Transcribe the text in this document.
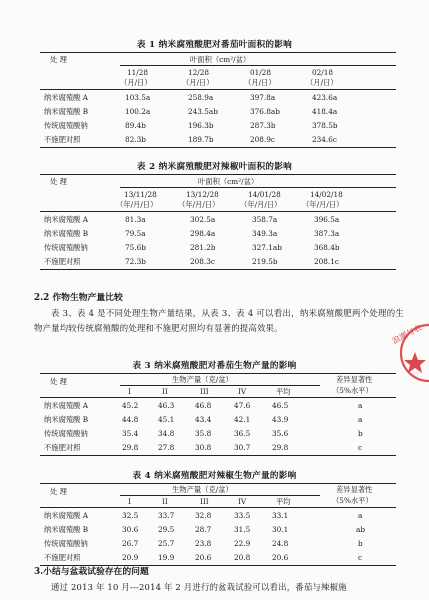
表 1 纳米腐殖酸肥对番茄叶面积的影响
处 理	叶面积（cm²/盆）
11/28	12/28	01/28	02/18
（月/日）	（月/日）	（月/日）	（月/日）
纳米腐殖酸 A	103.5a	258.9a	397.8a	423.6a
纳米腐殖酸 B	100.2a	243.5ab	376.8ab	418.4a
传统腐殖酸钠	89.4b	196.3b	287.3b	378.5b
不施肥对照	82.3b	189.7b	208.9c	234.6c
表 2 纳米腐殖酸肥对辣椒叶面积的影响
处 理	叶面积（cm²/盆）
13/11/28	13/12/28	14/01/28	14/02/18
（年/月/日）	（年/月/日）	（年/月/日）	（年/月/日）
纳米腐殖酸 A	81.3a	302.5a	358.7a	396.5a
纳米腐殖酸 B	79.5a	298.4a	349.3a	387.3a
传统腐殖酸钠	75.6b	281.2b	327.1ab	368.4b
不施肥对照	72.3b	208.3c	219.5b	208.1c
2.2 作物生物产量比较
表 3、表 4 是不同处理生物产量结果，从表 3、表 4 可以看出，纳米腐殖酸肥两个处理的生物产量均较传统腐殖酸的处理和不施肥对照均有显著的提高效果。
表 3 纳米腐殖酸肥对番茄生物产量的影响
处 理	生物产量（克/盆）	差异显著性
I	II	III	IV	平均	（5%水平）
纳米腐殖酸 A	45.2	46.3	46.8	47.6	46.5	a
纳米腐殖酸 B	44.8	45.1	43.4	42.1	43.9	a
传统腐殖酸钠	35.4	34.8	35.8	36.5	35.6	b
不施肥对照	29.8	27.8	30.8	30.7	29.8	c
表 4 纳米腐殖酸肥对辣椒生物产量的影响
处 理	生物产量（克/盆）	差异显著性
I	II	III	IV	平均	（5%水平）
纳米腐殖酸 A	32.5	33.7	32.8	33.5	33.1	a
纳米腐殖酸 B	30.6	29.5	28.7	31.5	30.1	ab
传统腐殖酸钠	26.7	25.7	23.8	22.9	24.8	b
不施肥对照	20.9	19.9	20.6	20.8	20.6	c
3.小结与盆栽试验存在的问题
通过 2013 年 10 月---2014 年 2 月进行的盆栽试验可以看出，番茄与辣椒施
浪潮与农
